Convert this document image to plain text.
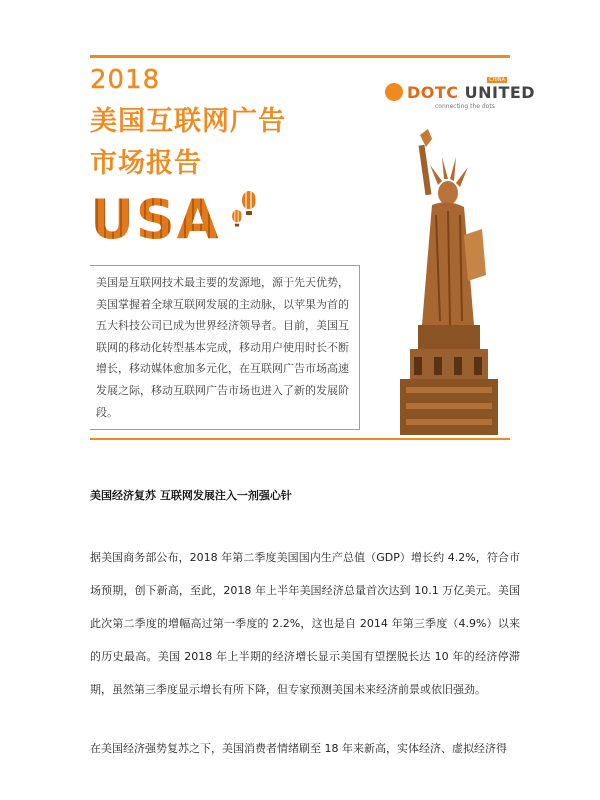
2018
美国互联网广告
市场报告
USA
DOTC UNITED
CHINA
connecting the dots
美国是互联网技术最主要的发源地，源于先天优势，美国掌握着全球互联网发展的主动脉，以苹果为首的五大科技公司已成为世界经济领导者。目前，美国互联网的移动化转型基本完成，移动用户使用时长不断增长，移动媒体愈加多元化，在互联网广告市场高速发展之际，移动互联网广告市场也进入了新的发展阶段。
美国经济复苏 互联网发展注入一剂强心针
据美国商务部公布，2018 年第二季度美国国内生产总值（GDP）增长约 4.2%，符合市场预期，创下新高，至此，2018 年上半年美国经济总量首次达到 10.1 万亿美元。美国此次第二季度的增幅高过第一季度的 2.2%，这也是自 2014 年第三季度（4.9%）以来的历史最高。美国 2018 年上半期的经济增长显示美国有望摆脱长达 10 年的经济停滞期，虽然第三季度显示增长有所下降，但专家预测美国未来经济前景或依旧强劲。
在美国经济强势复苏之下，美国消费者情绪刷至 18 年来新高，实体经济、虚拟经济得
